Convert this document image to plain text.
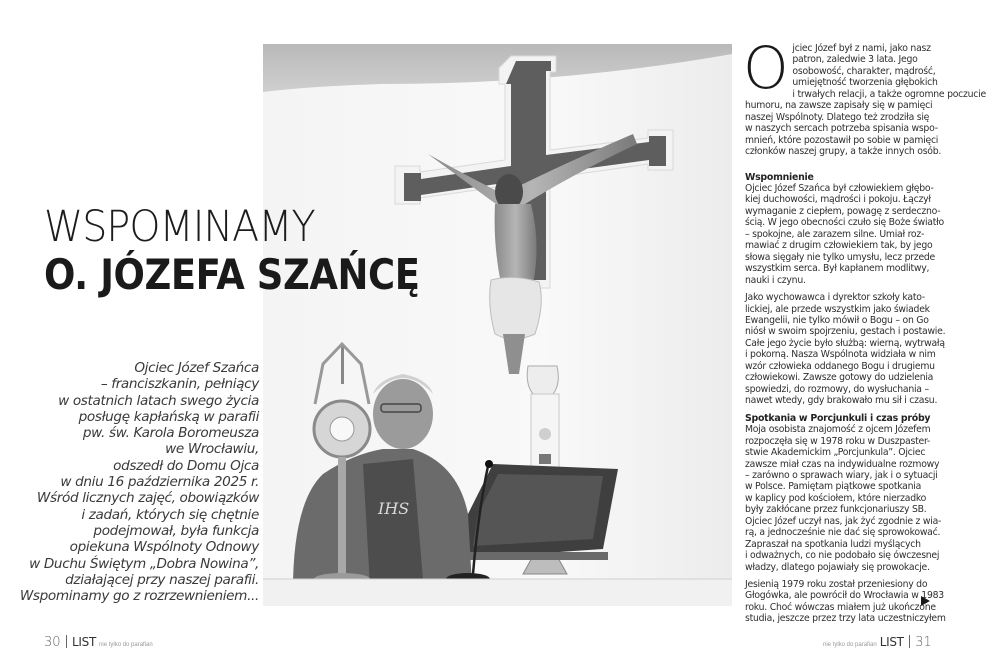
IHS
WSPOMINAMY
O. JÓZEFA SZAŃCĘ
Ojciec Józef Szańca
– franciszkanin, pełniący
w ostatnich latach swego życia
posługę kapłańską w parafii
pw. św. Karola Boromeusza
we Wrocławiu,
odszedł do Domu Ojca
w dniu 16 października 2025 r.
Wśród licznych zajęć, obowiązków
i zadań, których się chętnie
podejmował, była funkcja
opiekuna Wspólnoty Odnowy
w Duchu Świętym „Dobra Nowina”,
działającej przy naszej parafii.
Wspominamy go z rozrzewnieniem...

O jciec Józef był z nami, jako nasz
patron, zaledwie 3 lata. Jego
osobowość, charakter, mądrość,
umiejętność tworzenia głębokich
i trwałych relacji, a także ogromne poczucie
humoru, na zawsze zapisały się w pamięci
naszej Wspólnoty. Dlatego też zrodziła się
w naszych sercach potrzeba spisania wspo-
mnień, które pozostawił po sobie w pamięci
członków naszej grupy, a także innych osób.

Wspomnienie

Ojciec Józef Szańca był człowiekiem głębo-
kiej duchowości, mądrości i pokoju. Łączył
wymaganie z ciepłem, powagę z serdeczno-
ścią. W jego obecności czuło się Boże światło
– spokojne, ale zarazem silne. Umiał roz-
mawiać z drugim człowiekiem tak, by jego
słowa sięgały nie tylko umysłu, lecz przede
wszystkim serca. Był kapłanem modlitwy,
nauki i czynu.

Jako wychowawca i dyrektor szkoły kato-
lickiej, ale przede wszystkim jako świadek
Ewangelii, nie tylko mówił o Bogu – on Go
niósł w swoim spojrzeniu, gestach i postawie.
Całe jego życie było służbą: wierną, wytrwałą
i pokorną. Nasza Wspólnota widziała w nim
wzór człowieka oddanego Bogu i drugiemu
człowiekowi. Zawsze gotowy do udzielenia
spowiedzi, do rozmowy, do wysłuchania –
nawet wtedy, gdy brakowało mu sił i czasu.

Spotkania w Porcjunkuli i czas próby

Moja osobista znajomość z ojcem Józefem
rozpoczęła się w 1978 roku w Duszpaster-
stwie Akademickim „Porcjunkula”. Ojciec
zawsze miał czas na indywidualne rozmowy
– zarówno o sprawach wiary, jak i o sytuacji
w Polsce. Pamiętam piątkowe spotkania
w kaplicy pod kościołem, które nierzadko
były zakłócane przez funkcjonariuszy SB.
Ojciec Józef uczył nas, jak żyć zgodnie z wia-
rą, a jednocześnie nie dać się sprowokować.
Zapraszał na spotkania ludzi myślących
i odważnych, co nie podobało się ówczesnej
władzy, dlatego pojawiały się prowokacje.

Jesienią 1979 roku został przeniesiony do
Głogówka, ale powrócił do Wrocławia w 1983
roku. Choć wówczas miałem już ukończone
studia, jeszcze przez trzy lata uczestniczyłem

30 LIST nie tylko do parafian	nie tylko do parafian LIST 31
